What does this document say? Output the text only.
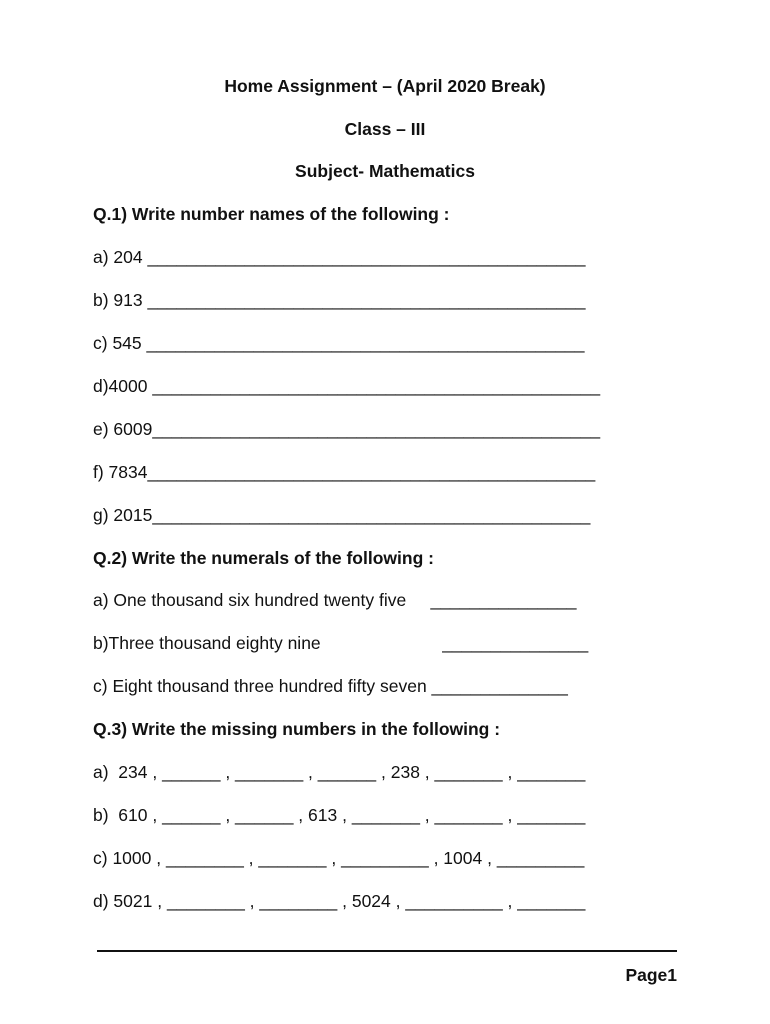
Home Assignment – (April 2020 Break)
Class – III
Subject- Mathematics
Q.1) Write number names of the following :
a) 204 _____________________________________________
b) 913 _____________________________________________
c) 545 _____________________________________________
d)4000 ______________________________________________
e) 6009______________________________________________
f) 7834______________________________________________
g) 2015_____________________________________________
Q.2) Write the numerals of the following :
a) One thousand six hundred twenty five     _______________
b)Three thousand eighty nine                         _______________
c) Eight thousand three hundred fifty seven ______________
Q.3) Write the missing numbers in the following :
a)  234 , ______ , _______ , ______ , 238 , _______ , _______
b)  610 , ______ , ______ , 613 , _______ , _______ , _______
c) 1000 , ________ , _______ , _________ , 1004 , _________
d) 5021 , ________ , ________ , 5024 , __________ , _______
Page1
